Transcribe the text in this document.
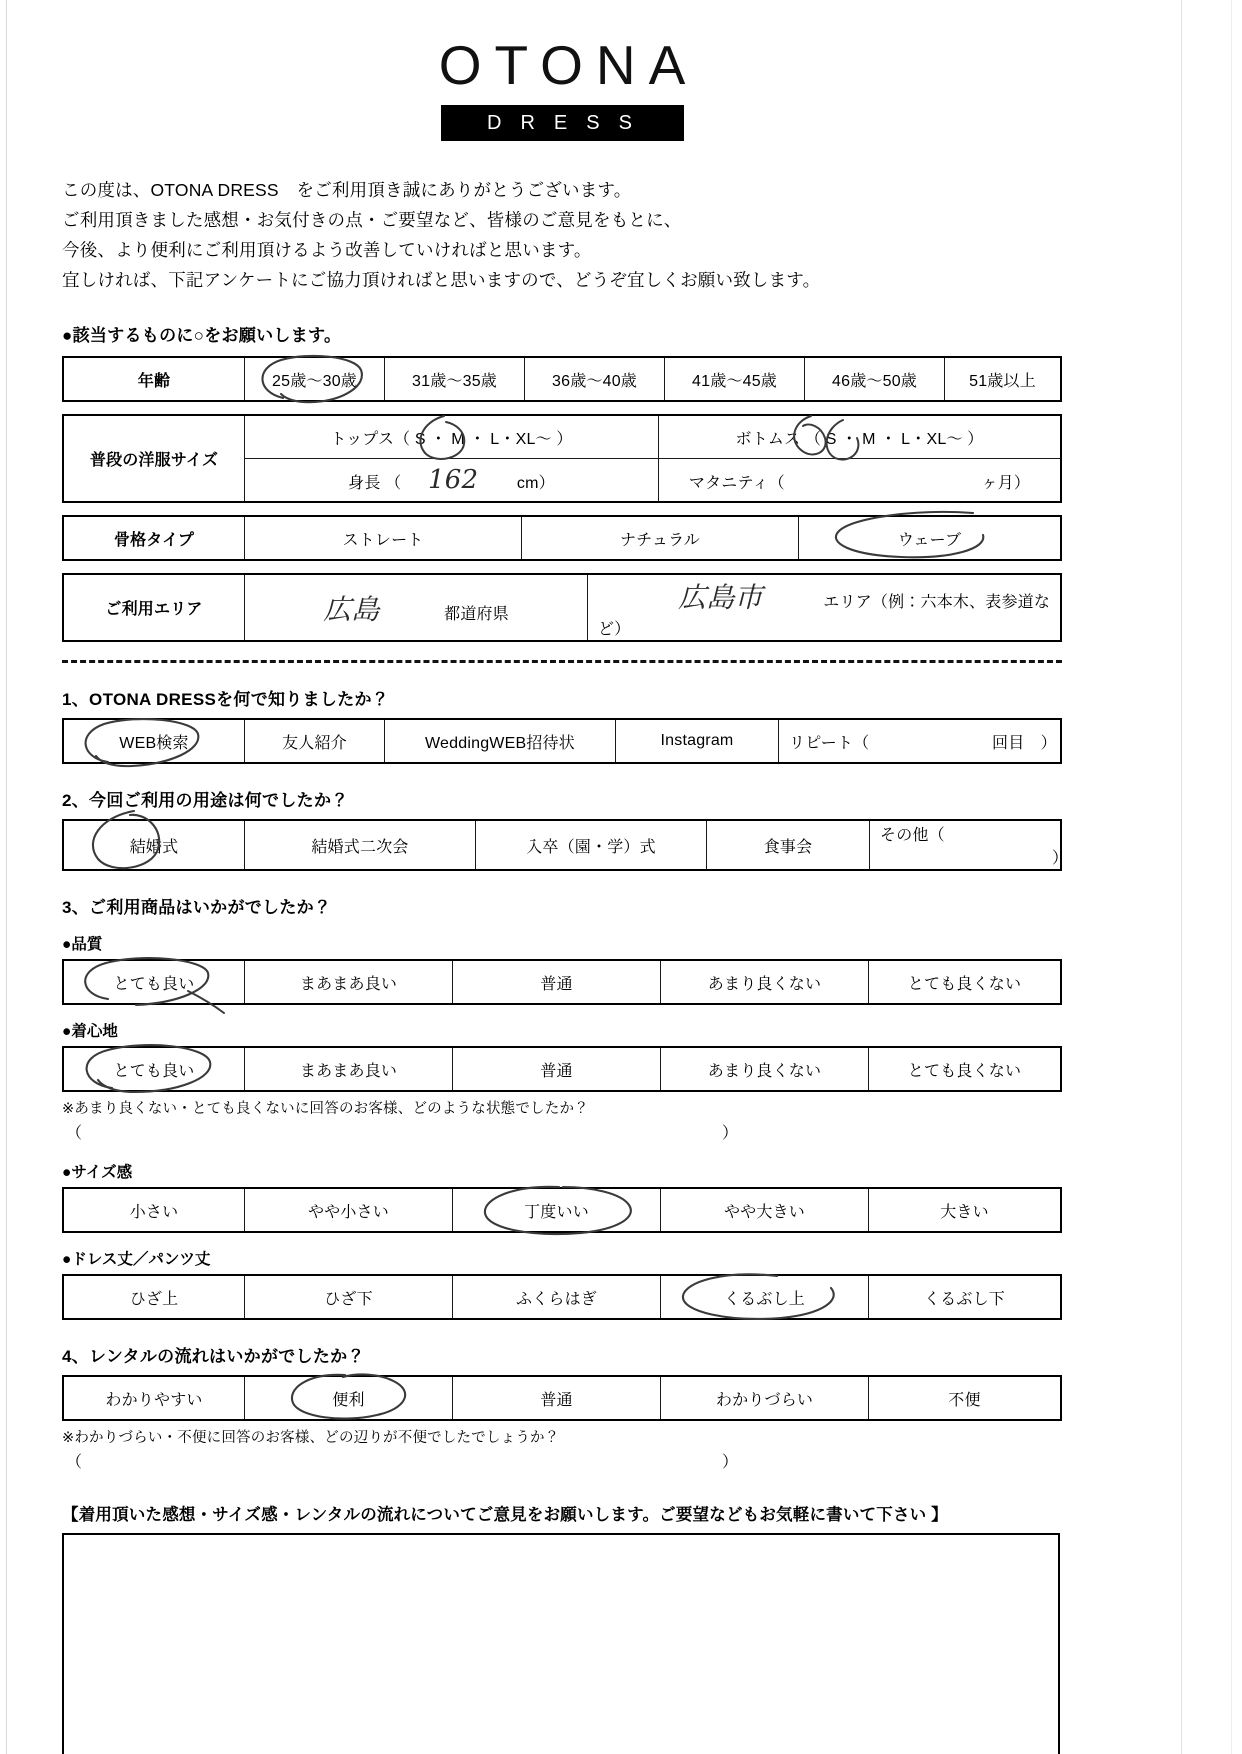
OTONA
DRESS
この度は、OTONA DRESS　をご利用頂き誠にありがとうございます。
ご利用頂きました感想・お気付きの点・ご要望など、皆様のご意見をもとに、
今後、より便利にご利用頂けるよう改善していければと思います。
宜しければ、下記アンケートにご協力頂ければと思いますので、どうぞ宜しくお願い致します。
●該当するものに○をお願いします。
年齢	25歳〜30歳	31歳〜35歳	36歳〜40歳	41歳〜45歳	46歳〜50歳	51歳以上
普段の洋服サイズ	トップス（ S ・ M ・ L・XL〜 ）	ボトムス （ S ・ M ・ L・XL〜 ）

	身長 （ 162 cm）	マタニティ（ ヶ月）
骨格タイプ	ストレート	ナチュラル	ウェーブ
ご利用エリア	広島	都道府県	広島市	エリア（例：六本木、表参道など）
1、OTONA DRESSを何で知りましたか？
WEB検索	友人紹介	WeddingWEB招待状	Instagram	リピート（	回目　）
2、今回ご利用の用途は何でしたか？
結婚式	結婚式二次会	入卒（園・学）式	食事会	その他（ ）
3、ご利用商品はいかがでしたか？
●品質
とても良い	まあまあ良い	普通	あまり良くない	とても良くない
●着心地
とても良い	まあまあ良い	普通	あまり良くない	とても良くない
※あまり良くない・とても良くないに回答のお客様、どのような状態でしたか？
（	）
●サイズ感
小さい	やや小さい	丁度いい	やや大きい	大きい
●ドレス丈／パンツ丈
ひざ上	ひざ下	ふくらはぎ	くるぶし上	くるぶし下
4、レンタルの流れはいかがでしたか？
わかりやすい	便利	普通	わかりづらい	不便
※わかりづらい・不便に回答のお客様、どの辺りが不便でしたでしょうか？
（	）
【着用頂いた感想・サイズ感・レンタルの流れについてご意見をお願いします。ご要望などもお気軽に書いて下さい 】
